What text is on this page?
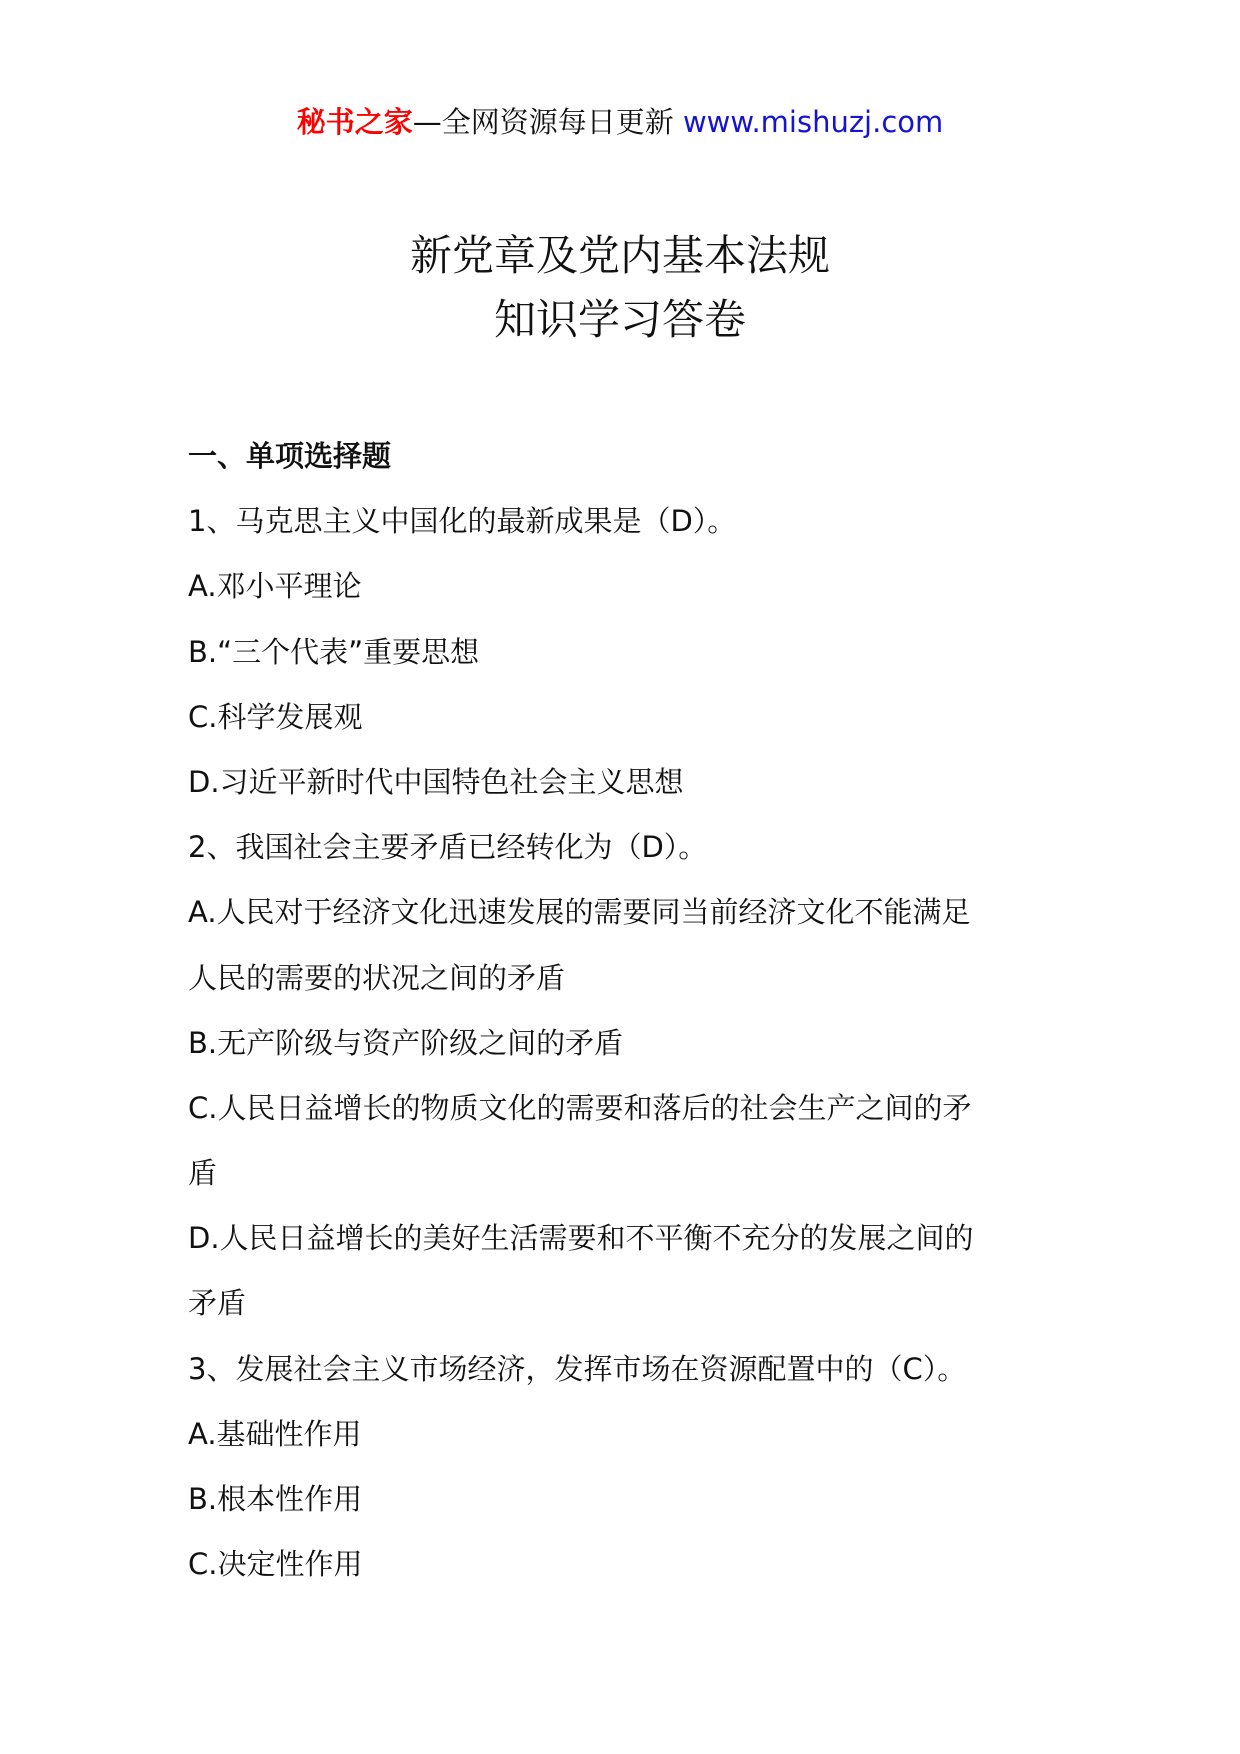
秘书之家—全网资源每日更新 www.mishuzj.com
新党章及党内基本法规
知识学习答卷
一、单项选择题
1、马克思主义中国化的最新成果是（D）。
A.邓小平理论
B.“三个代表”重要思想
C.科学发展观
D.习近平新时代中国特色社会主义思想
2、我国社会主要矛盾已经转化为（D）。
A.人民对于经济文化迅速发展的需要同当前经济文化不能满足
人民的需要的状况之间的矛盾
B.无产阶级与资产阶级之间的矛盾
C.人民日益增长的物质文化的需要和落后的社会生产之间的矛
盾
D.人民日益增长的美好生活需要和不平衡不充分的发展之间的
矛盾
3、发展社会主义市场经济，发挥市场在资源配置中的（C）。
A.基础性作用
B.根本性作用
C.决定性作用
